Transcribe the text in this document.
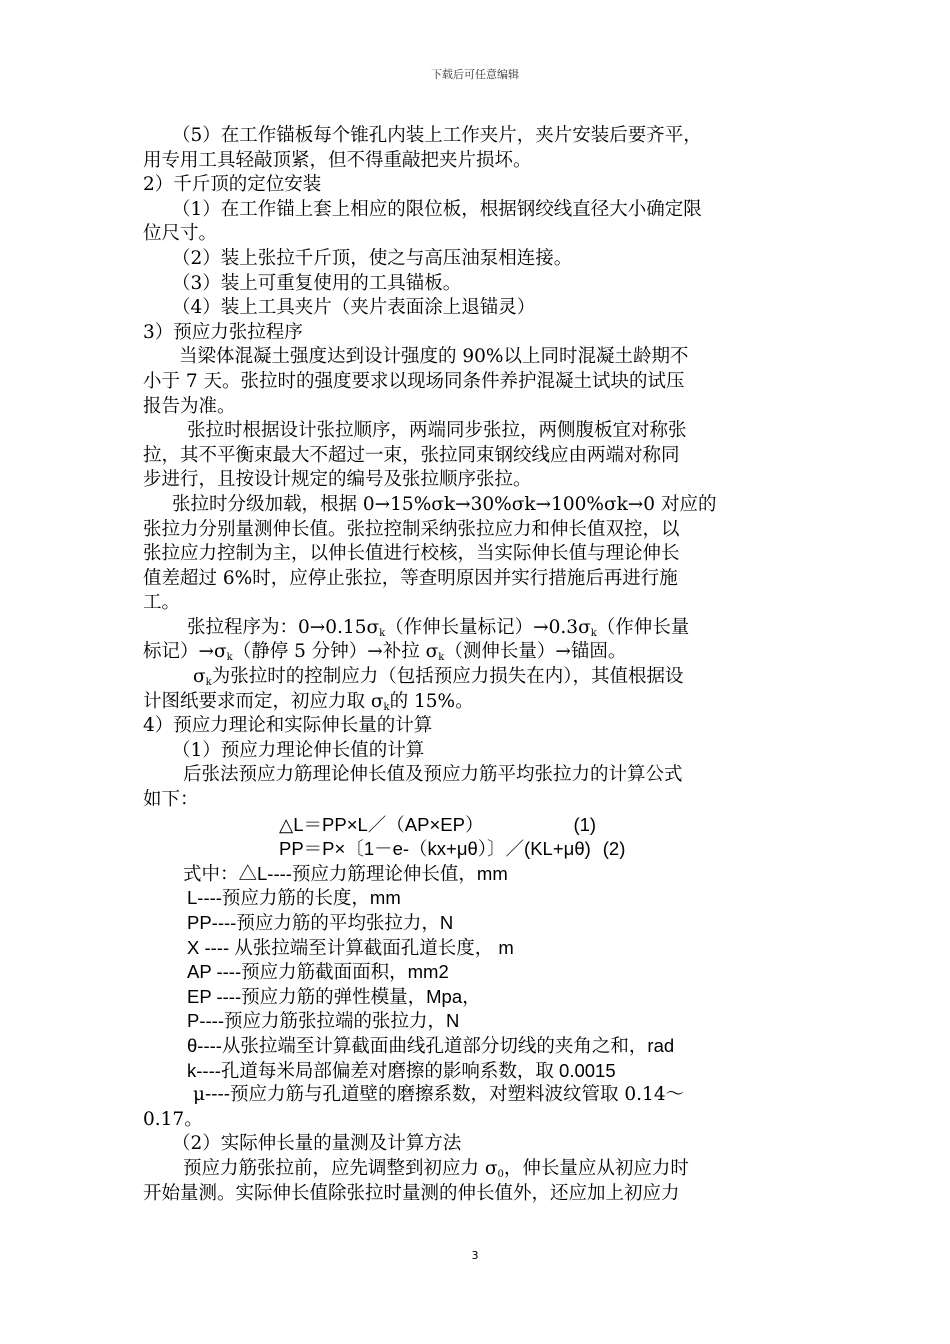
下载后可任意编辑
（5）在工作锚板每个锥孔内装上工作夹片，夹片安装后要齐平，
用专用工具轻敲顶紧，但不得重敲把夹片损坏。
2）千斤顶的定位安装
（1）在工作锚上套上相应的限位板，根据钢绞线直径大小确定限
位尺寸。
（2）装上张拉千斤顶，使之与高压油泵相连接。
（3）装上可重复使用的工具锚板。
（4）装上工具夹片（夹片表面涂上退锚灵）
3）预应力张拉程序
当梁体混凝土强度达到设计强度的 90%以上同时混凝土龄期不
小于 7 天。张拉时的强度要求以现场同条件养护混凝土试块的试压
报告为准。
张拉时根据设计张拉顺序，两端同步张拉，两侧腹板宜对称张
拉，其不平衡束最大不超过一束，张拉同束钢绞线应由两端对称同
步进行，且按设计规定的编号及张拉顺序张拉。
张拉时分级加载，根据 0→15%σk→30%σk→100%σk→0 对应的
张拉力分别量测伸长值。张拉控制采纳张拉应力和伸长值双控，以
张拉应力控制为主，以伸长值进行校核，当实际伸长值与理论伸长
值差超过 6%时，应停止张拉，等查明原因并实行措施后再进行施
工。
张拉程序为：$0\to 0.15\sigma_k$（作伸长量标记）$\to 0.3\sigma_k$（作伸长量
标记）$\to\sigma_k$（静停 5 分钟）→补拉 $\sigma_k$（测伸长量）→锚固。
$\sigma_k$为张拉时的控制应力（包括预应力损失在内），其值根据设
计图纸要求而定，初应力取 $\sigma_k$的 15%。
4）预应力理论和实际伸长量的计算
（1）预应力理论伸长值的计算
后张法预应力筋理论伸长值及预应力筋平均张拉力的计算公式
如下：
△L＝PP×L／（AP×EP）	(1)
PP＝P×〔1－e-（kx+μθ）〕／(KL+μθ) (2)
式中：△L----预应力筋理论伸长值，mm
L----预应力筋的长度，mm
PP----预应力筋的平均张拉力，N
X ---- 从张拉端至计算截面孔道长度， m
AP ----预应力筋截面面积，mm2
EP ----预应力筋的弹性模量，Mpa，
P----预应力筋张拉端的张拉力，N
θ----从张拉端至计算截面曲线孔道部分切线的夹角之和，rad
k----孔道每米局部偏差对磨擦的影响系数，取 0.0015
μ----预应力筋与孔道壁的磨擦系数，对塑料波纹管取 0.14～
0.17。
（2）实际伸长量的量测及计算方法
预应力筋张拉前，应先调整到初应力 $\sigma_0$，伸长量应从初应力时
开始量测。实际伸长值除张拉时量测的伸长值外，还应加上初应力
3
